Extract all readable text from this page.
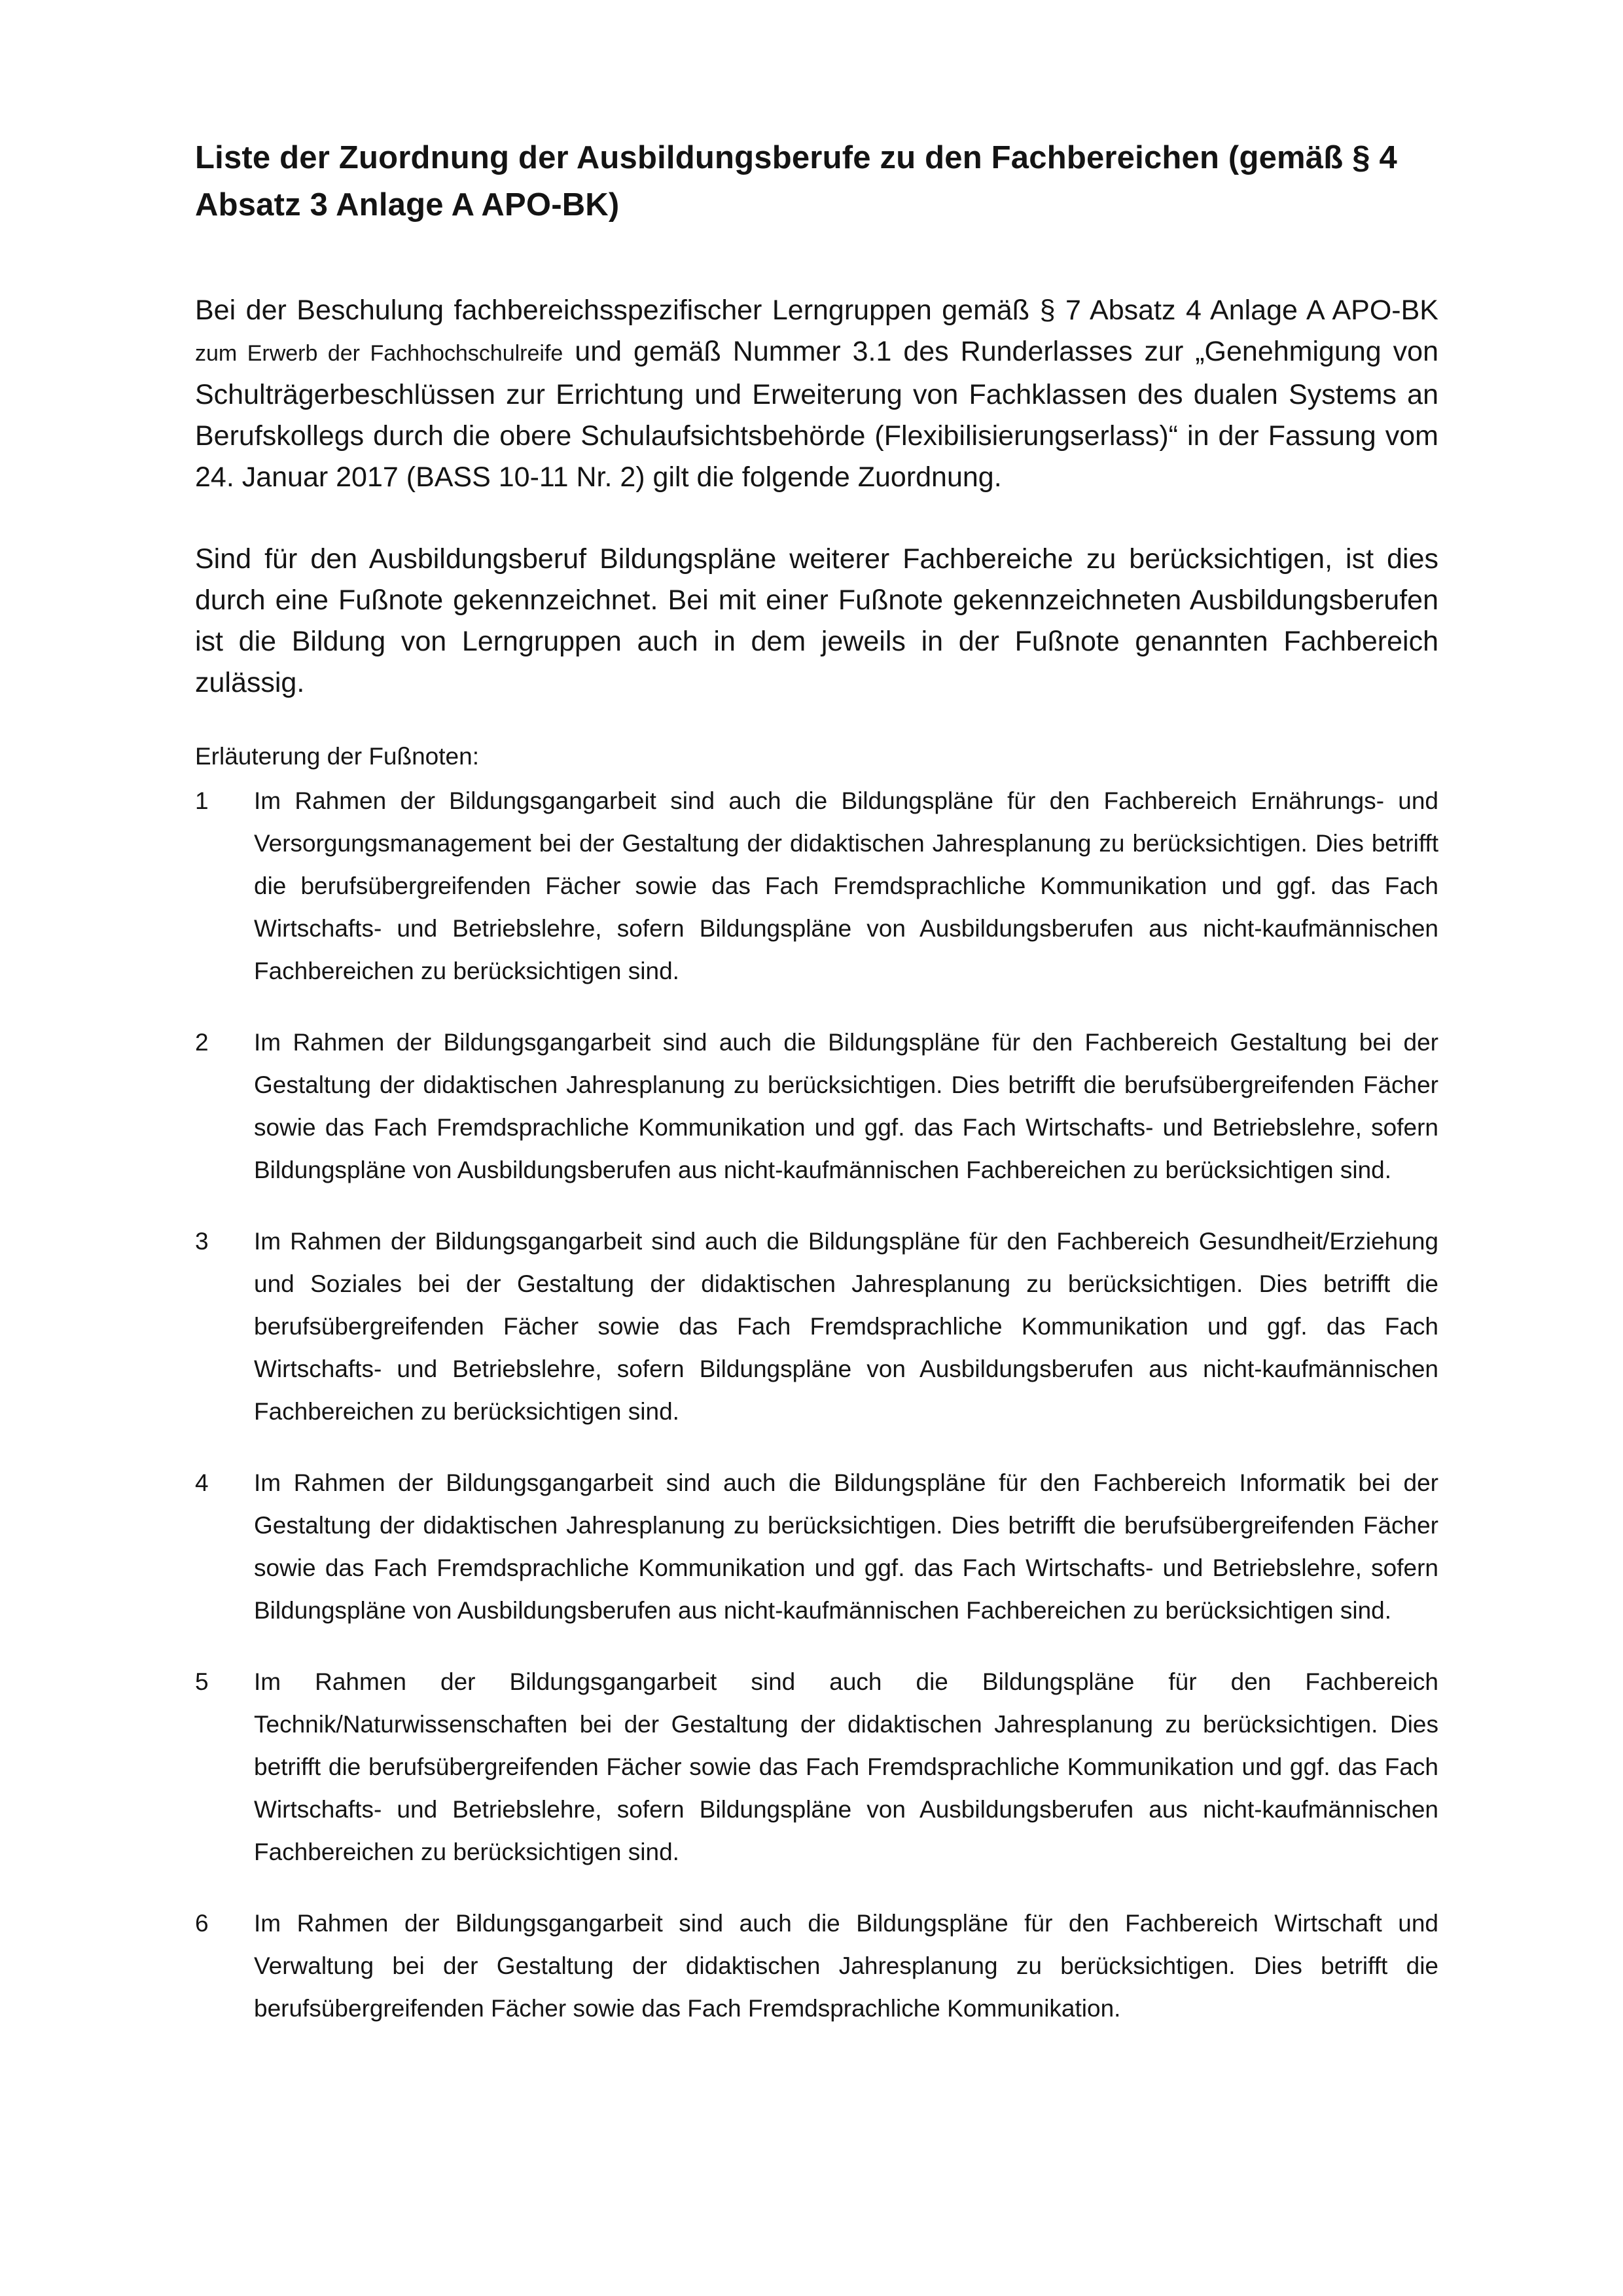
Liste der Zuordnung der Ausbildungsberufe zu den Fachbereichen (gemäß § 4 Absatz 3 Anlage A APO-BK)

Bei der Beschulung fachbereichsspezifischer Lerngruppen gemäß § 7 Absatz 4 Anlage A APO-BK zum Erwerb der Fachhochschulreife und gemäß Nummer 3.1 des Runderlasses zur „Genehmigung von Schulträgerbeschlüssen zur Errichtung und Erweiterung von Fachklassen des dualen Systems an Berufskollegs durch die obere Schulaufsichtsbehörde (Flexibilisierungserlass)“ in der Fassung vom 24. Januar 2017 (BASS 10-11 Nr. 2) gilt die folgende Zuordnung.

Sind für den Ausbildungsberuf Bildungspläne weiterer Fachbereiche zu berücksichtigen, ist dies durch eine Fußnote gekennzeichnet. Bei mit einer Fußnote gekennzeichneten Ausbildungsberufen ist die Bildung von Lerngruppen auch in dem jeweils in der Fußnote genannten Fachbereich zulässig.

Erläuterung der Fußnoten:
1	Im Rahmen der Bildungsgangarbeit sind auch die Bildungspläne für den Fachbereich Ernährungs- und Versorgungsmanagement bei der Gestaltung der didaktischen Jahresplanung zu berücksichtigen. Dies betrifft die berufsübergreifenden Fächer sowie das Fach Fremdsprachliche Kommunikation und ggf. das Fach Wirtschafts- und Betriebslehre, sofern Bildungspläne von Ausbildungsberufen aus nicht-kaufmännischen Fachbereichen zu berücksichtigen sind.
2	Im Rahmen der Bildungsgangarbeit sind auch die Bildungspläne für den Fachbereich Gestaltung bei der Gestaltung der didaktischen Jahresplanung zu berücksichtigen. Dies betrifft die berufsübergreifenden Fächer sowie das Fach Fremdsprachliche Kommunikation und ggf. das Fach Wirtschafts- und Betriebslehre, sofern Bildungspläne von Ausbildungsberufen aus nicht-kaufmännischen Fachbereichen zu berücksichtigen sind.
3	Im Rahmen der Bildungsgangarbeit sind auch die Bildungspläne für den Fachbereich Gesundheit/Erziehung und Soziales bei der Gestaltung der didaktischen Jahresplanung zu berücksichtigen. Dies betrifft die berufsübergreifenden Fächer sowie das Fach Fremdsprachliche Kommunikation und ggf. das Fach Wirtschafts- und Betriebslehre, sofern Bildungspläne von Ausbildungsberufen aus nicht-kaufmännischen Fachbereichen zu berücksichtigen sind.
4	Im Rahmen der Bildungsgangarbeit sind auch die Bildungspläne für den Fachbereich Informatik bei der Gestaltung der didaktischen Jahresplanung zu berücksichtigen. Dies betrifft die berufsübergreifenden Fächer sowie das Fach Fremdsprachliche Kommunikation und ggf. das Fach Wirtschafts- und Betriebslehre, sofern Bildungspläne von Ausbildungsberufen aus nicht-kaufmännischen Fachbereichen zu berücksichtigen sind.
5	Im Rahmen der Bildungsgangarbeit sind auch die Bildungspläne für den Fachbereich Technik/Naturwissenschaften bei der Gestaltung der didaktischen Jahresplanung zu berücksichtigen. Dies betrifft die berufsübergreifenden Fächer sowie das Fach Fremdsprachliche Kommunikation und ggf. das Fach Wirtschafts- und Betriebslehre, sofern Bildungspläne von Ausbildungsberufen aus nicht-kaufmännischen Fachbereichen zu berücksichtigen sind.
6	Im Rahmen der Bildungsgangarbeit sind auch die Bildungspläne für den Fachbereich Wirtschaft und Verwaltung bei der Gestaltung der didaktischen Jahresplanung zu berücksichtigen. Dies betrifft die berufsübergreifenden Fächer sowie das Fach Fremdsprachliche Kommunikation.
